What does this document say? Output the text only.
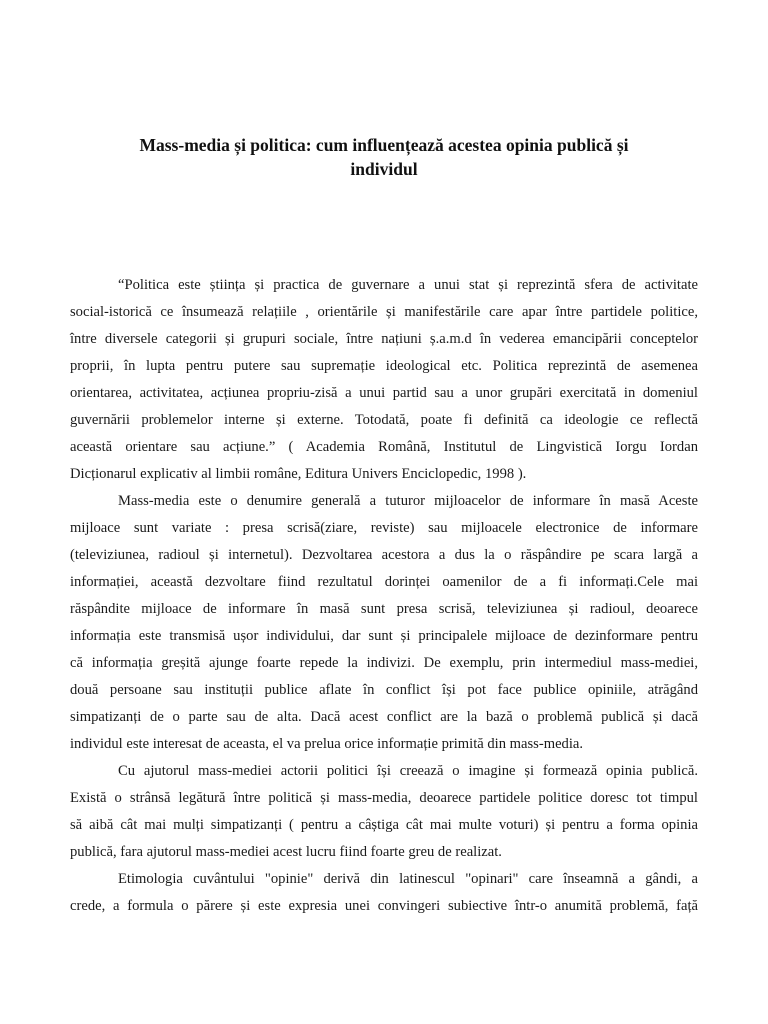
Mass-media și politica: cum influențează acestea opinia publică și
individul
“Politica este știința și practica de guvernare a unui stat și reprezintă sfera de activitate
social-istorică ce însumează relațiile , orientările și manifestările care apar între partidele politice,
între diversele categorii și grupuri sociale, între națiuni ș.a.m.d în vederea emancipării conceptelor
proprii, în lupta pentru putere sau supremație ideological etc. Politica reprezintă de asemenea
orientarea, activitatea, acțiunea propriu-zisă a unui partid sau a unor grupări exercitată in domeniul
guvernării problemelor interne și externe. Totodată, poate fi definită ca ideologie ce reflectă
această orientare sau acțiune.” ( Academia Română, Institutul de Lingvistică Iorgu Iordan
Dicționarul explicativ al limbii române, Editura Univers Enciclopedic, 1998 ).
Mass-media este o denumire generală a tuturor mijloacelor de informare în masă Aceste
mijloace sunt variate : presa scrisă(ziare, reviste) sau mijloacele electronice de informare
(televiziunea, radioul și internetul). Dezvoltarea acestora a dus la o răspândire pe scara largă a
informației, această dezvoltare fiind rezultatul dorinței oamenilor de a fi informați.Cele mai
răspândite mijloace de informare în masă sunt presa scrisă, televiziunea și radioul, deoarece
informația este transmisă ușor individului, dar sunt și principalele mijloace de dezinformare pentru
că informația greșită ajunge foarte repede la indivizi. De exemplu, prin intermediul mass-mediei,
două persoane sau instituții publice aflate în conflict își pot face publice opiniile, atrăgând
simpatizanți de o parte sau de alta. Dacă acest conflict are la bază o problemă publică și dacă
individul este interesat de aceasta, el va prelua orice informație primită din mass-media.
Cu ajutorul mass-mediei actorii politici își creează o imagine și formează opinia publică.
Există o strânsă legătură între politică și mass-media, deoarece partidele politice doresc tot timpul
să aibă cât mai mulți simpatizanți ( pentru a câștiga cât mai multe voturi) și pentru a forma opinia
publică, fara ajutorul mass-mediei acest lucru fiind foarte greu de realizat.
Etimologia cuvântului "opinie" derivă din latinescul "opinari" care înseamnă a gândi, a
crede, a formula o părere și este expresia unei convingeri subiective într-o anumită problemă, față
